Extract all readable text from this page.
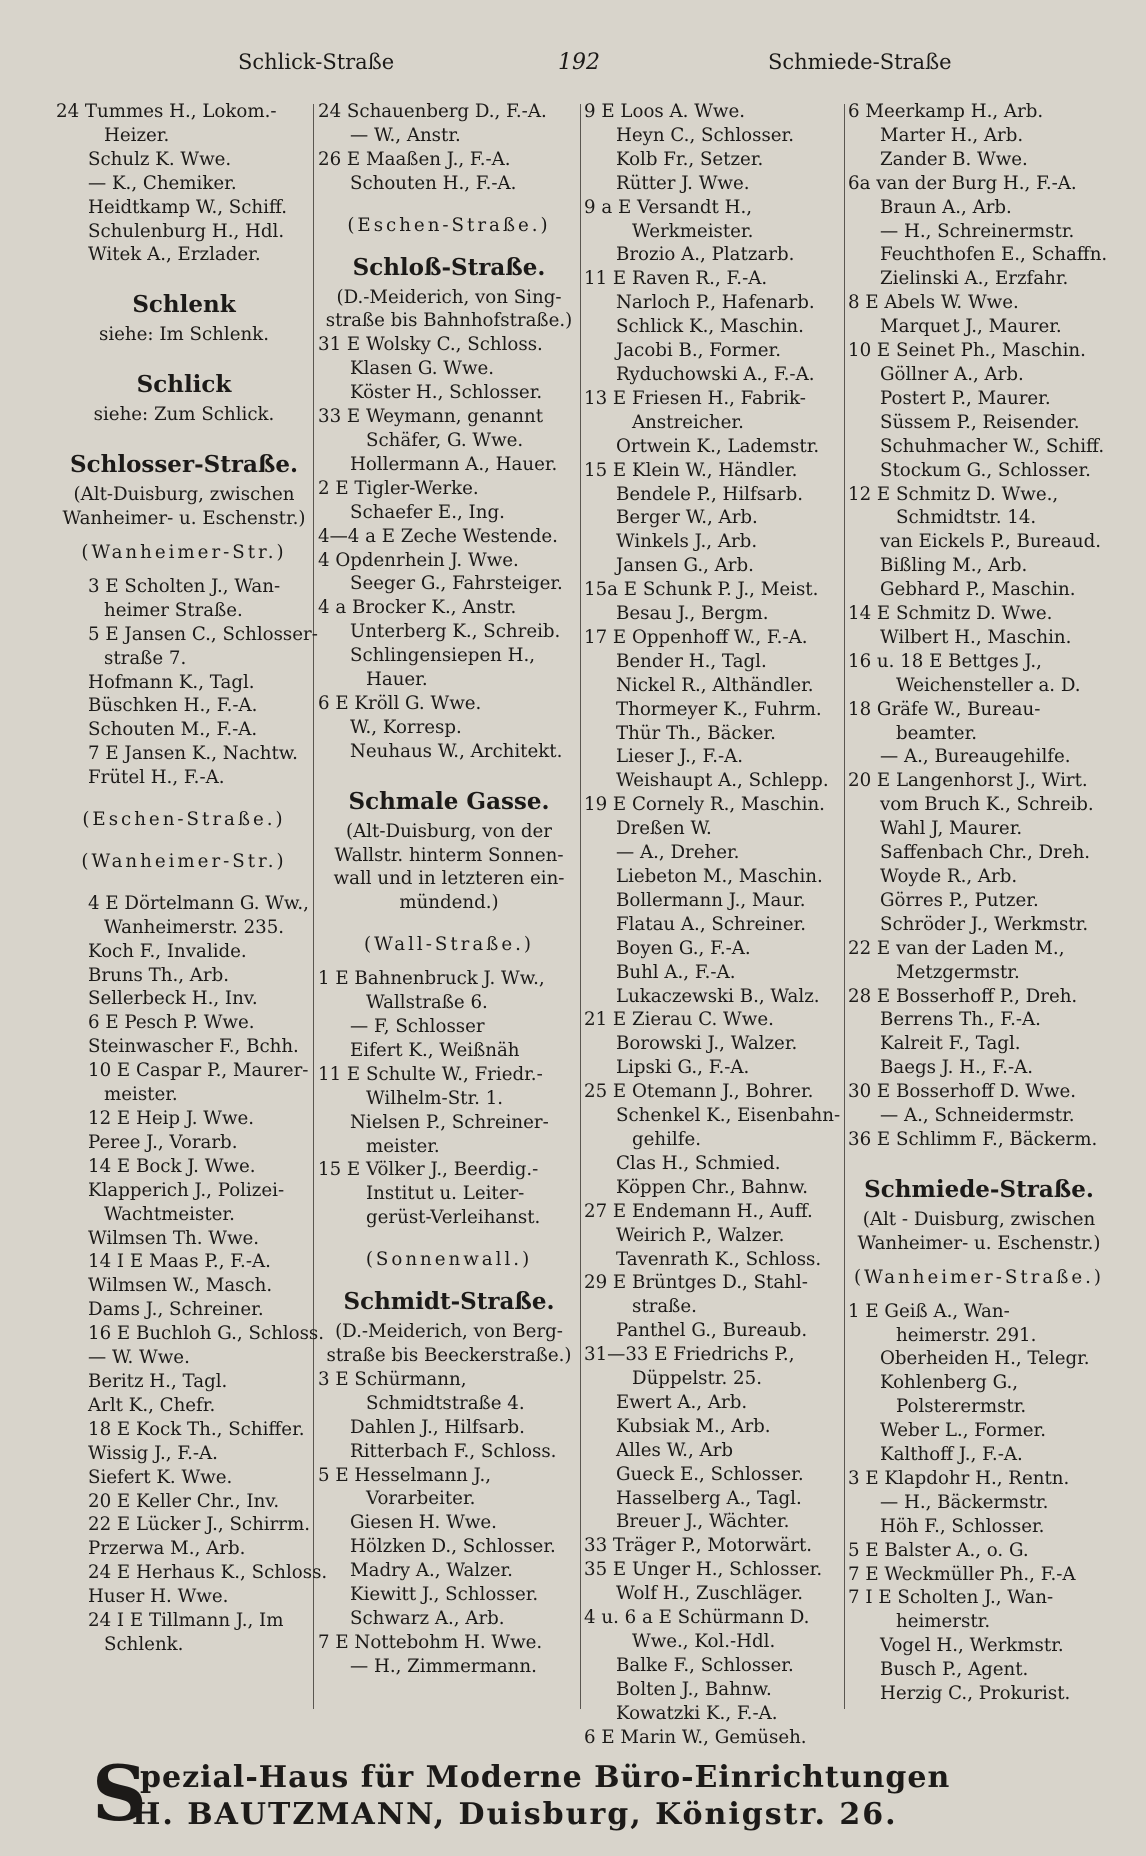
Schlick-Straße	192	Schmiede-Straße
24 Tummes H., Lokom.-
Heizer.
Schulz K. Wwe.
— K., Chemiker.
Heidtkamp W., Schiff.
Schulenburg H., Hdl.
Witek A., Erzlader.
Schlenk
siehe: Im Schlenk.
Schlick
siehe: Zum Schlick.
Schlosser-Straße.
(Alt-Duisburg, zwischen
Wanheimer- u. Eschenstr.)
(Wanheimer-Str.)
3 E Scholten J., Wan-
heimer Straße.
5 E Jansen C., Schlosser-
straße 7.
Hofmann K., Tagl.
Büschken H., F.-A.
Schouten M., F.-A.
7 E Jansen K., Nachtw.
Frütel H., F.-A.
(Eschen-Straße.)
(Wanheimer-Str.)
4 E Dörtelmann G. Ww.,
Wanheimerstr. 235.
Koch F., Invalide.
Bruns Th., Arb.
Sellerbeck H., Inv.
6 E Pesch P. Wwe.
Steinwascher F., Bchh.
10 E Caspar P., Maurer-
meister.
12 E Heip J. Wwe.
Peree J., Vorarb.
14 E Bock J. Wwe.
Klapperich J., Polizei-
Wachtmeister.
Wilmsen Th. Wwe.
14 I E Maas P., F.-A.
Wilmsen W., Masch.
Dams J., Schreiner.
16 E Buchloh G., Schloss.
— W. Wwe.
Beritz H., Tagl.
Arlt K., Chefr.
18 E Kock Th., Schiffer.
Wissig J., F.-A.
Siefert K. Wwe.
20 E Keller Chr., Inv.
22 E Lücker J., Schirrm.
Przerwa M., Arb.
24 E Herhaus K., Schloss.
Huser H. Wwe.
24 I E Tillmann J., Im
Schlenk.
24 Schauenberg D., F.-A.
— W., Anstr.
26 E Maaßen J., F.-A.
Schouten H., F.-A.
(Eschen-Straße.)
Schloß-Straße.
(D.-Meiderich, von Sing-
straße bis Bahnhofstraße.)
31 E Wolsky C., Schloss.
Klasen G. Wwe.
Köster H., Schlosser.
33 E Weymann, genannt
Schäfer, G. Wwe.
Hollermann A., Hauer.
2 E Tigler-Werke.
Schaefer E., Ing.
4—4 a E Zeche Westende.
4 Opdenrhein J. Wwe.
Seeger G., Fahrsteiger.
4 a Brocker K., Anstr.
Unterberg K., Schreib.
Schlingensiepen H.,
Hauer.
6 E Kröll G. Wwe.
W., Korresp.
Neuhaus W., Architekt.
Schmale Gasse.
(Alt-Duisburg, von der
Wallstr. hinterm Sonnen-
wall und in letzteren ein-
mündend.)
(Wall-Straße.)
1 E Bahnenbruck J. Ww.,
Wallstraße 6.
— F, Schlosser
Eifert K., Weißnäh
11 E Schulte W., Friedr.-
Wilhelm-Str. 1.
Nielsen P., Schreiner-
meister.
15 E Völker J., Beerdig.-
Institut u. Leiter-
gerüst-Verleihanst.
(Sonnenwall.)
Schmidt-Straße.
(D.-Meiderich, von Berg-
straße bis Beeckerstraße.)
3 E Schürmann,
Schmidtstraße 4.
Dahlen J., Hilfsarb.
Ritterbach F., Schloss.
5 E Hesselmann J.,
Vorarbeiter.
Giesen H. Wwe.
Hölzken D., Schlosser.
Madry A., Walzer.
Kiewitt J., Schlosser.
Schwarz A., Arb.
7 E Nottebohm H. Wwe.
— H., Zimmermann.
9 E Loos A. Wwe.
Heyn C., Schlosser.
Kolb Fr., Setzer.
Rütter J. Wwe.
9 a E Versandt H.,
Werkmeister.
Brozio A., Platzarb.
11 E Raven R., F.-A.
Narloch P., Hafenarb.
Schlick K., Maschin.
Jacobi B., Former.
Ryduchowski A., F.-A.
13 E Friesen H., Fabrik-
Anstreicher.
Ortwein K., Lademstr.
15 E Klein W., Händler.
Bendele P., Hilfsarb.
Berger W., Arb.
Winkels J., Arb.
Jansen G., Arb.
15a E Schunk P. J., Meist.
Besau J., Bergm.
17 E Oppenhoff W., F.-A.
Bender H., Tagl.
Nickel R., Althändler.
Thormeyer K., Fuhrm.
Thür Th., Bäcker.
Lieser J., F.-A.
Weishaupt A., Schlepp.
19 E Cornely R., Maschin.
Dreßen W.
— A., Dreher.
Liebeton M., Maschin.
Bollermann J., Maur.
Flatau A., Schreiner.
Boyen G., F.-A.
Buhl A., F.-A.
Lukaczewski B., Walz.
21 E Zierau C. Wwe.
Borowski J., Walzer.
Lipski G., F.-A.
25 E Otemann J., Bohrer.
Schenkel K., Eisenbahn-
gehilfe.
Clas H., Schmied.
Köppen Chr., Bahnw.
27 E Endemann H., Auff.
Weirich P., Walzer.
Tavenrath K., Schloss.
29 E Brüntges D., Stahl-
straße.
Panthel G., Bureaub.
31—33 E Friedrichs P.,
Düppelstr. 25.
Ewert A., Arb.
Kubsiak M., Arb.
Alles W., Arb
Gueck E., Schlosser.
Hasselberg A., Tagl.
Breuer J., Wächter.
33 Träger P., Motorwärt.
35 E Unger H., Schlosser.
Wolf H., Zuschläger.
4 u. 6 a E Schürmann D.
Wwe., Kol.-Hdl.
Balke F., Schlosser.
Bolten J., Bahnw.
Kowatzki K., F.-A.
6 E Marin W., Gemüseh.
6 Meerkamp H., Arb.
Marter H., Arb.
Zander B. Wwe.
6a van der Burg H., F.-A.
Braun A., Arb.
— H., Schreinermstr.
Feuchthofen E., Schaffn.
Zielinski A., Erzfahr.
8 E Abels W. Wwe.
Marquet J., Maurer.
10 E Seinet Ph., Maschin.
Göllner A., Arb.
Postert P., Maurer.
Süssem P., Reisender.
Schuhmacher W., Schiff.
Stockum G., Schlosser.
12 E Schmitz D. Wwe.,
Schmidtstr. 14.
van Eickels P., Bureaud.
Bißling M., Arb.
Gebhard P., Maschin.
14 E Schmitz D. Wwe.
Wilbert H., Maschin.
16 u. 18 E Bettges J.,
Weichensteller a. D.
18 Gräfe W., Bureau-
beamter.
— A., Bureaugehilfe.
20 E Langenhorst J., Wirt.
vom Bruch K., Schreib.
Wahl J, Maurer.
Saffenbach Chr., Dreh.
Woyde R., Arb.
Görres P., Putzer.
Schröder J., Werkmstr.
22 E van der Laden M.,
Metzgermstr.
28 E Bosserhoff P., Dreh.
Berrens Th., F.-A.
Kalreit F., Tagl.
Baegs J. H., F.-A.
30 E Bosserhoff D. Wwe.
— A., Schneidermstr.
36 E Schlimm F., Bäckerm.
Schmiede-Straße.
(Alt - Duisburg, zwischen
Wanheimer- u. Eschenstr.)
(Wanheimer-Straße.)
1 E Geiß A., Wan-
heimerstr. 291.
Oberheiden H., Telegr.
Kohlenberg G.,
Polsterermstr.
Weber L., Former.
Kalthoff J., F.-A.
3 E Klapdohr H., Rentn.
— H., Bäckermstr.
Höh F., Schlosser.
5 E Balster A., o. G.
7 E Weckmüller Ph., F.-A
7 I E Scholten J., Wan-
heimerstr.
Vogel H., Werkmstr.
Busch P., Agent.
Herzig C., Prokurist.
S
pezial-Haus für Moderne Büro-Einrichtungen
H. BAUTZMANN, Duisburg, Königstr. 26.
